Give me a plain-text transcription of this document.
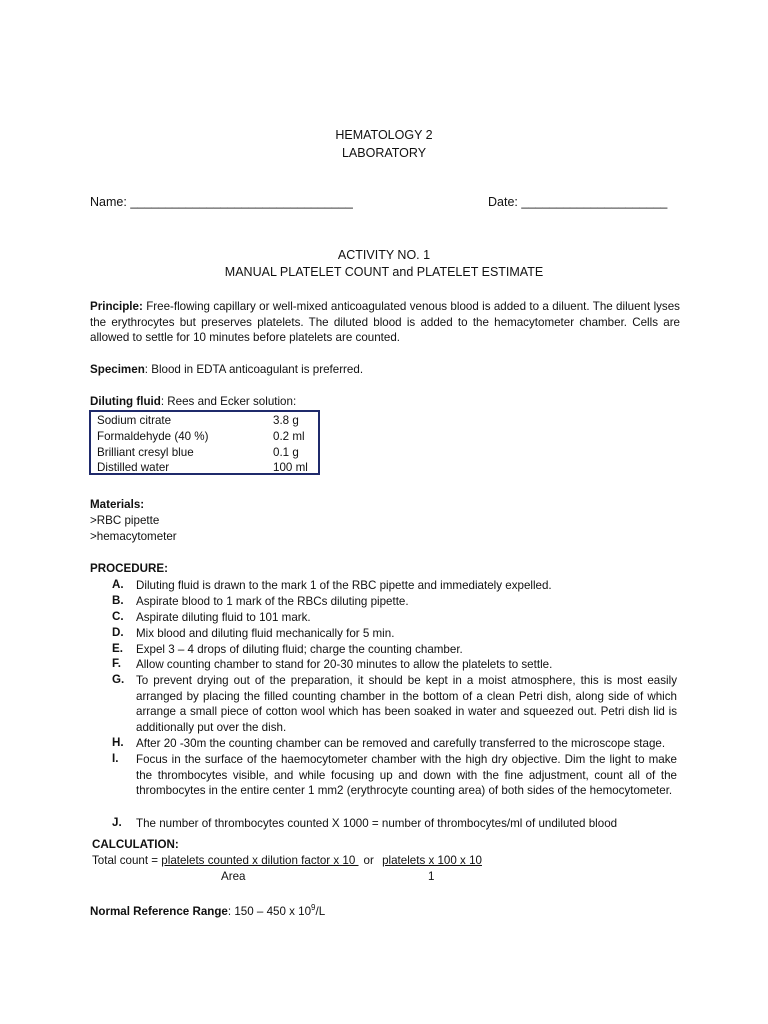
HEMATOLOGY 2
LABORATORY
Name: ________________________________	Date: _____________________
ACTIVITY NO. 1
MANUAL PLATELET COUNT and PLATELET ESTIMATE
Principle: Free-flowing capillary or well-mixed anticoagulated venous blood is added to a diluent. The diluent lyses
the erythrocytes but preserves platelets. The diluted blood is added to the hemacytometer chamber. Cells are
allowed to settle for 10 minutes before platelets are counted.
Specimen: Blood in EDTA anticoagulant is preferred.
Diluting fluid: Rees and Ecker solution:
Sodium citrate	3.8 g
Formaldehyde (40 %)	0.2 ml
Brilliant cresyl blue	0.1 g
Distilled water	100 ml
Materials:
>RBC pipette
>hemacytometer
PROCEDURE:
A.	Diluting fluid is drawn to the mark 1 of the RBC pipette and immediately expelled.
B.	Aspirate blood to 1 mark of the RBCs diluting pipette.
C.	Aspirate diluting fluid to 101 mark.
D.	Mix blood and diluting fluid mechanically for 5 min.
E.	Expel 3 – 4 drops of diluting fluid; charge the counting chamber.
F.	Allow counting chamber to stand for 20-30 minutes to allow the platelets to settle.
G.	To prevent drying out of the preparation, it should be kept in a moist atmosphere, this is most easily arranged by placing the filled counting chamber in the bottom of a clean Petri dish, along side of which arrange a small piece of cotton wool which has been soaked in water and squeezed out. Petri dish lid is additionally put over the dish.
H.	After 20 -30m the counting chamber can be removed and carefully transferred to the microscope stage.
I.	Focus in the surface of the haemocytometer chamber with the high dry objective. Dim the light to make the thrombocytes visible, and while focusing up and down with the fine adjustment, count all of the thrombocytes in the entire center 1 mm2 (erythrocyte counting area) of both sides of the hemocytometer.
J.	The number of thrombocytes counted X 1000 = number of thrombocytes/ml of undiluted blood
CALCULATION:
Total count = platelets counted x dilution factor x 10 or platelets x 100 x 10
Area	1
Normal Reference Range: 150 – 450 x $10^9/L$
